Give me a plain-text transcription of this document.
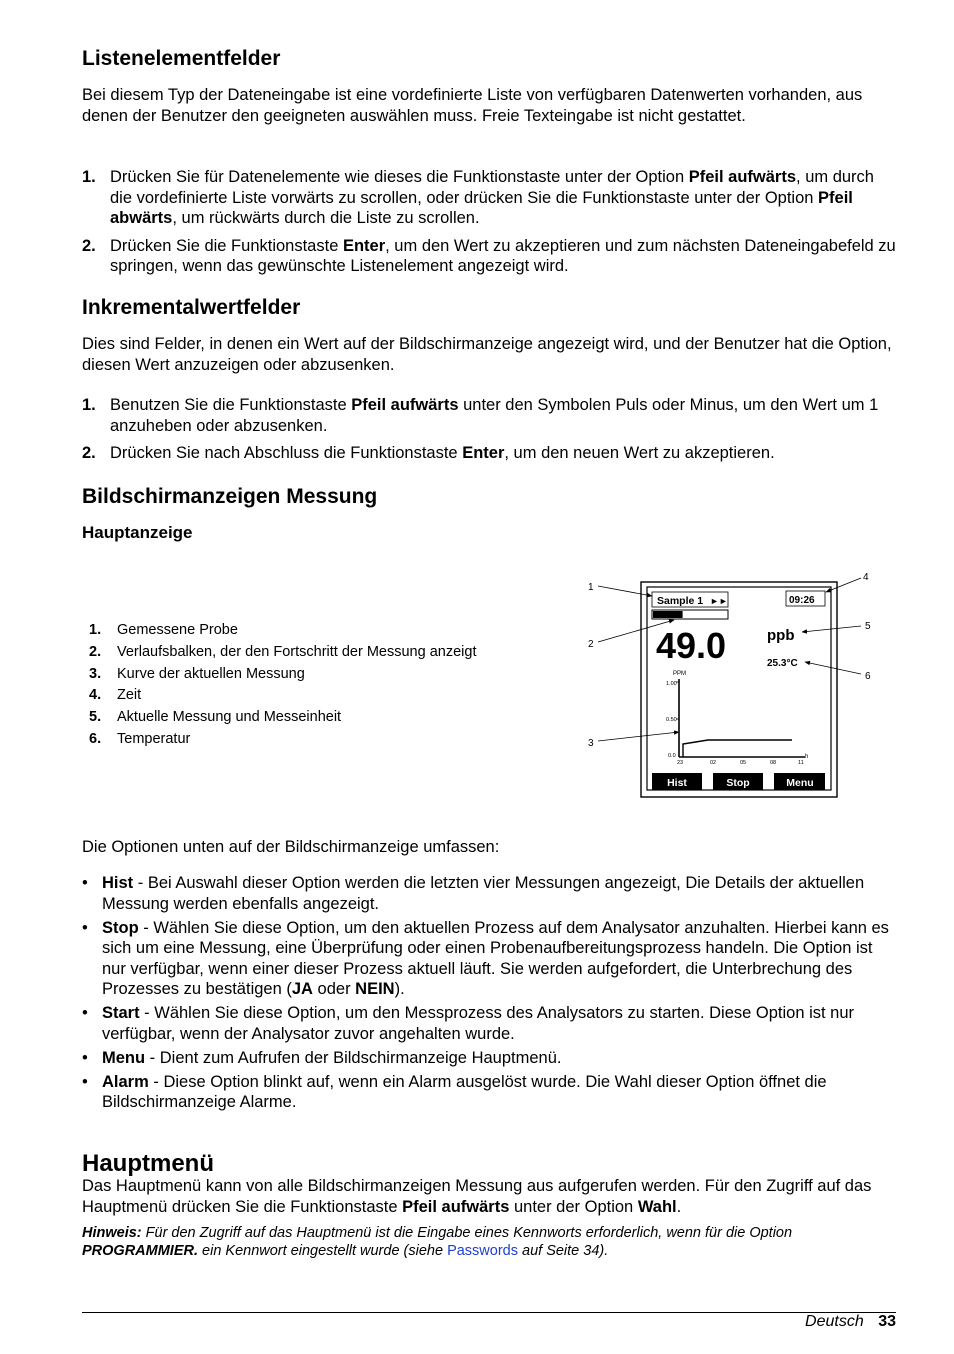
Listenelementfelder

Bei diesem Typ der Dateneingabe ist eine vordefinierte Liste von verfügbaren Datenwerten vorhanden, aus denen der Benutzer den geeigneten auswählen muss. Freie Texteingabe ist nicht gestattet.

1. Drücken Sie für Datenelemente wie dieses die Funktionstaste unter der Option Pfeil aufwärts, um durch die vordefinierte Liste vorwärts zu scrollen, oder drücken Sie die Funktionstaste unter der Option Pfeil abwärts, um rückwärts durch die Liste zu scrollen.
2. Drücken Sie die Funktionstaste Enter, um den Wert zu akzeptieren und zum nächsten Dateneingabefeld zu springen, wenn das gewünschte Listenelement angezeigt wird.
Inkrementalwertfelder

Dies sind Felder, in denen ein Wert auf der Bildschirmanzeige angezeigt wird, und der Benutzer hat die Option, diesen Wert anzuzeigen oder abzusenken.

1. Benutzen Sie die Funktionstaste Pfeil aufwärts unter den Symbolen Puls oder Minus, um den Wert um 1 anzuheben oder abzusenken.
2. Drücken Sie nach Abschluss die Funktionstaste Enter, um den neuen Wert zu akzeptieren.
Bildschirmanzeigen Messung
Hauptanzeige
1. Gemessene Probe
2. Verlaufsbalken, der den Fortschritt der Messung anzeigt
3. Kurve der aktuellen Messung
4. Zeit
5. Aktuelle Messung und Messeinheit
6. Temperatur
Sample 1 ►►	09:26
49.0	ppb
25.3°C
PPM
1.00
0.50
0.0
23	02	05	08	11
h
Hist	Stop	Menu
1
2
3
4
5
6

Die Optionen unten auf der Bildschirmanzeige umfassen:

• Hist - Bei Auswahl dieser Option werden die letzten vier Messungen angezeigt, Die Details der aktuellen Messung werden ebenfalls angezeigt.
• Stop - Wählen Sie diese Option, um den aktuellen Prozess auf dem Analysator anzuhalten. Hierbei kann es sich um eine Messung, eine Überprüfung oder einen Probenaufbereitungsprozess handeln. Die Option ist nur verfügbar, wenn einer dieser Prozess aktuell läuft. Sie werden aufgefordert, die Unterbrechung des Prozesses zu bestätigen (JA oder NEIN).
• Start - Wählen Sie diese Option, um den Messprozess des Analysators zu starten. Diese Option ist nur verfügbar, wenn der Analysator zuvor angehalten wurde.
• Menu - Dient zum Aufrufen der Bildschirmanzeige Hauptmenü.
• Alarm - Diese Option blinkt auf, wenn ein Alarm ausgelöst wurde. Die Wahl dieser Option öffnet die Bildschirmanzeige Alarme.
Hauptmenü

Das Hauptmenü kann von alle Bildschirmanzeigen Messung aus aufgerufen werden. Für den Zugriff auf das Hauptmenü drücken Sie die Funktionstaste Pfeil aufwärts unter der Option Wahl.

Hinweis: Für den Zugriff auf das Hauptmenü ist die Eingabe eines Kennworts erforderlich, wenn für die Option PROGRAMMIER. ein Kennwort eingestellt wurde (siehe Passwords auf Seite 34).

Deutsch 33
